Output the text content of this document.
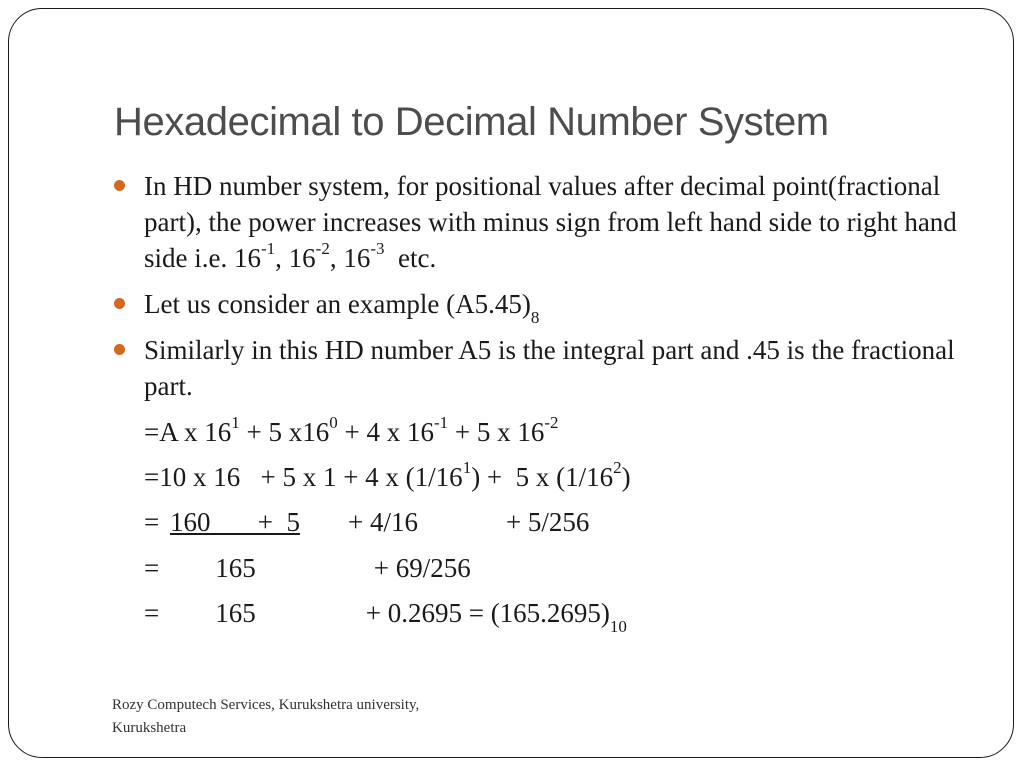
Hexadecimal to Decimal Number System
In HD number system, for positional values after decimal point(fractional part), the power increases with minus sign from left hand side to right hand side i.e. $16^{-1}$, $16^{-2}$, $16^{-3}$  etc.
Let us consider an example $(A5.45)_8$
Similarly in this HD number A5 is the integral part and .45 is the fractional part.
=A x $16^1 + 5$ $x16^0 + 4$ x $16^{-1} + 5$ x $16^{-2}$
=10 x 16   + 5 x 1 + 4 x $(1/16^1) + 5$ x $(1/16^2)$
= 160       +  5 + 4/16	+ 5/256
= 165	+ 69/256
= 165	+ $0.2695 = (165.2695)_{10}$
Rozy Computech Services, Kurukshetra university,
Kurukshetra
